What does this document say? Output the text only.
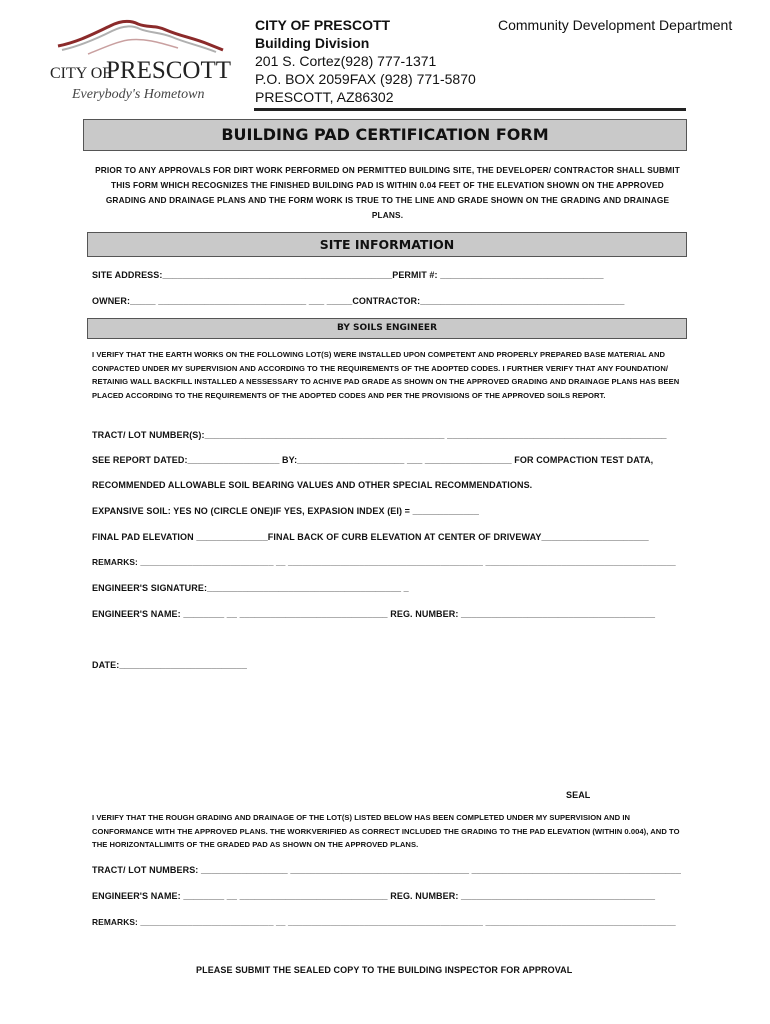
CITY OF
PRESCOTT
Everybody's Hometown
CITY OF PRESCOTT
Building Division
201 S. Cortez(928) 777-1371
P.O. BOX 2059FAX (928) 771-5870
PRESCOTT, AZ86302
Community Development Department
BUILDING PAD CERTIFICATION FORM
PRIOR TO ANY APPROVALS FOR DIRT WORK PERFORMED ON PERMITTED BUILDING SITE, THE DEVELOPER/ CONTRACTOR SHALL SUBMIT THIS FORM WHICH RECOGNIZES THE FINISHED BUILDING PAD IS WITHIN 0.04 FEET OF THE ELEVATION SHOWN ON THE APPROVED GRADING AND DRAINAGE PLANS AND THE FORM WORK IS TRUE TO THE LINE AND GRADE SHOWN ON THE GRADING AND DRAINAGE PLANS.
SITE INFORMATION
SITE ADDRESS:_____________________________________________PERMIT #: ________________________________
OWNER:_____ _____________________________ ___ _____CONTRACTOR:________________________________________
BY SOILS ENGINEER
I VERIFY THAT THE EARTH WORKS ON THE FOLLOWING LOT(S) WERE INSTALLED UPON COMPETENT AND PROPERLY PREPARED BASE MATERIAL AND CONPACTED UNDER MY SUPERVISION AND ACCORDING TO THE REQUIREMENTS OF THE ADOPTED CODES. I FURTHER VERIFY THAT ANY FOUNDATION/ RETAINIG WALL BACKFILL INSTALLED A NESSESSARY TO ACHIVE PAD GRADE AS SHOWN ON THE APPROVED GRADING AND DRAINAGE PLANS HAS BEEN PLACED ACCORDING TO THE REQUIREMENTS OF THE ADOPTED CODES AND PER THE PROVISIONS OF THE APPROVED SOILS REPORT.
TRACT/ LOT NUMBER(S):_______________________________________________ ___________________________________________
SEE REPORT DATED:__________________ BY:_____________________ ___ _________________ FOR COMPACTION TEST DATA,
RECOMMENDED ALLOWABLE SOIL BEARING VALUES AND OTHER SPECIAL RECOMMENDATIONS.
EXPANSIVE SOIL: YES NO (CIRCLE ONE)IF YES, EXPASION INDEX (EI) = _____________
FINAL PAD ELEVATION ______________FINAL BACK OF CURB ELEVATION AT CENTER OF DRIVEWAY_____________________
REMARKS: ____________________________ __ _________________________________________ ________________________________________
ENGINEER'S SIGNATURE:______________________________________ _
ENGINEER'S NAME: ________ __ _____________________________ REG. NUMBER: ______________________________________
DATE:_________________________
SEAL
I VERIFY THAT THE ROUGH GRADING AND DRAINAGE OF THE LOT(S) LISTED BELOW HAS BEEN COMPLETED UNDER MY SUPERVISION AND IN CONFORMANCE WITH THE APPROVED PLANS. THE WORKVERIFIED AS CORRECT INCLUDED THE GRADING TO THE PAD ELEVATION (WITHIN 0.004), AND TO THE HORIZONTALLIMITS OF THE GRADED PAD AS SHOWN ON THE APPROVED PLANS.
TRACT/ LOT NUMBERS: _________________ ___________________________________ _________________________________________
ENGINEER'S NAME: ________ __ _____________________________ REG. NUMBER: ______________________________________
REMARKS: ____________________________ __ _________________________________________ ________________________________________
PLEASE SUBMIT THE SEALED COPY TO THE BUILDING INSPECTOR FOR APPROVAL
